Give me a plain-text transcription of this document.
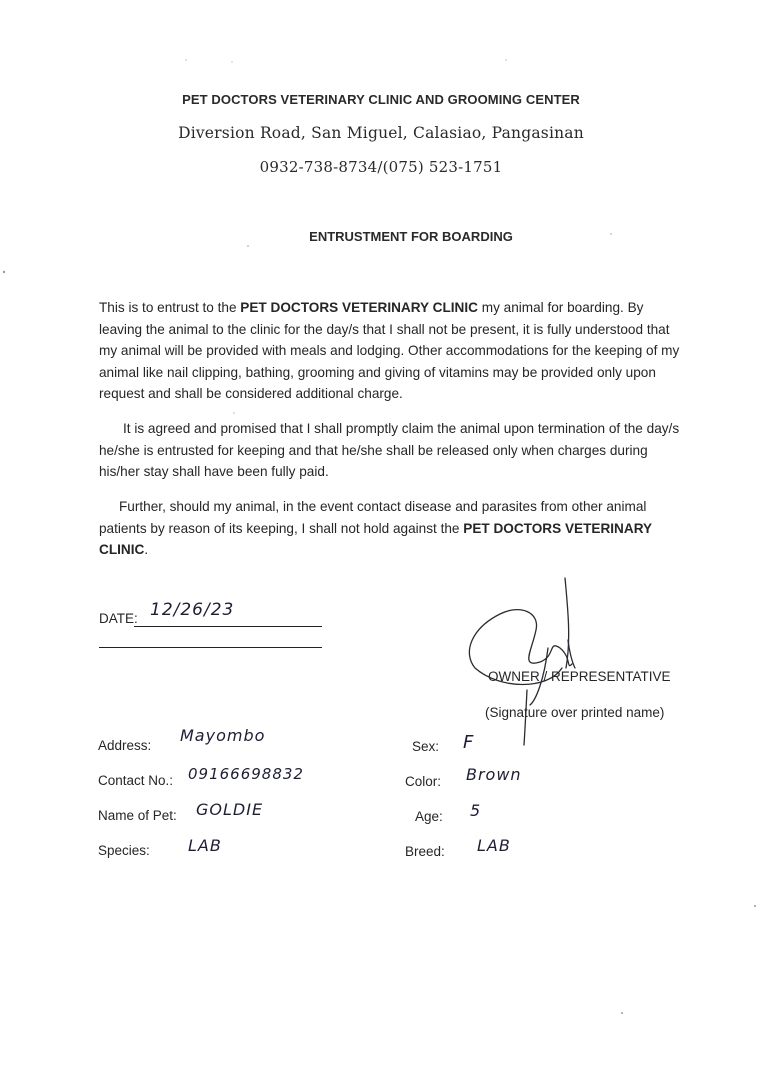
PET DOCTORS VETERINARY CLINIC AND GROOMING CENTER
Diversion Road, San Miguel, Calasiao, Pangasinan
0932-738-8734/(075) 523-1751
ENTRUSTMENT FOR BOARDING
This is to entrust to the PET DOCTORS VETERINARY CLINIC my animal for boarding. By leaving the animal to the clinic for the day/s that I shall not be present, it is fully understood that my animal will be provided with meals and lodging. Other accommodations for the keeping of my animal like nail clipping, bathing, grooming and giving of vitamins may be provided only upon request and shall be considered additional charge.
It is agreed and promised that I shall promptly claim the animal upon termination of the day/s he/she is entrusted for keeping and that he/she shall be released only when charges during his/her stay shall have been fully paid.
Further, should my animal, in the event contact disease and parasites from other animal patients by reason of its keeping, I shall not hold against the PET DOCTORS VETERINARY CLINIC.
DATE: 12/26/23
OWNER / REPRESENTATIVE
(Signature over printed name)
Address:
Mayombo
Contact No.: 09166698832
Name of Pet: GOLDIE
Species: LAB
Sex: F
Color: Brown
Age: 5
Breed: LAB
